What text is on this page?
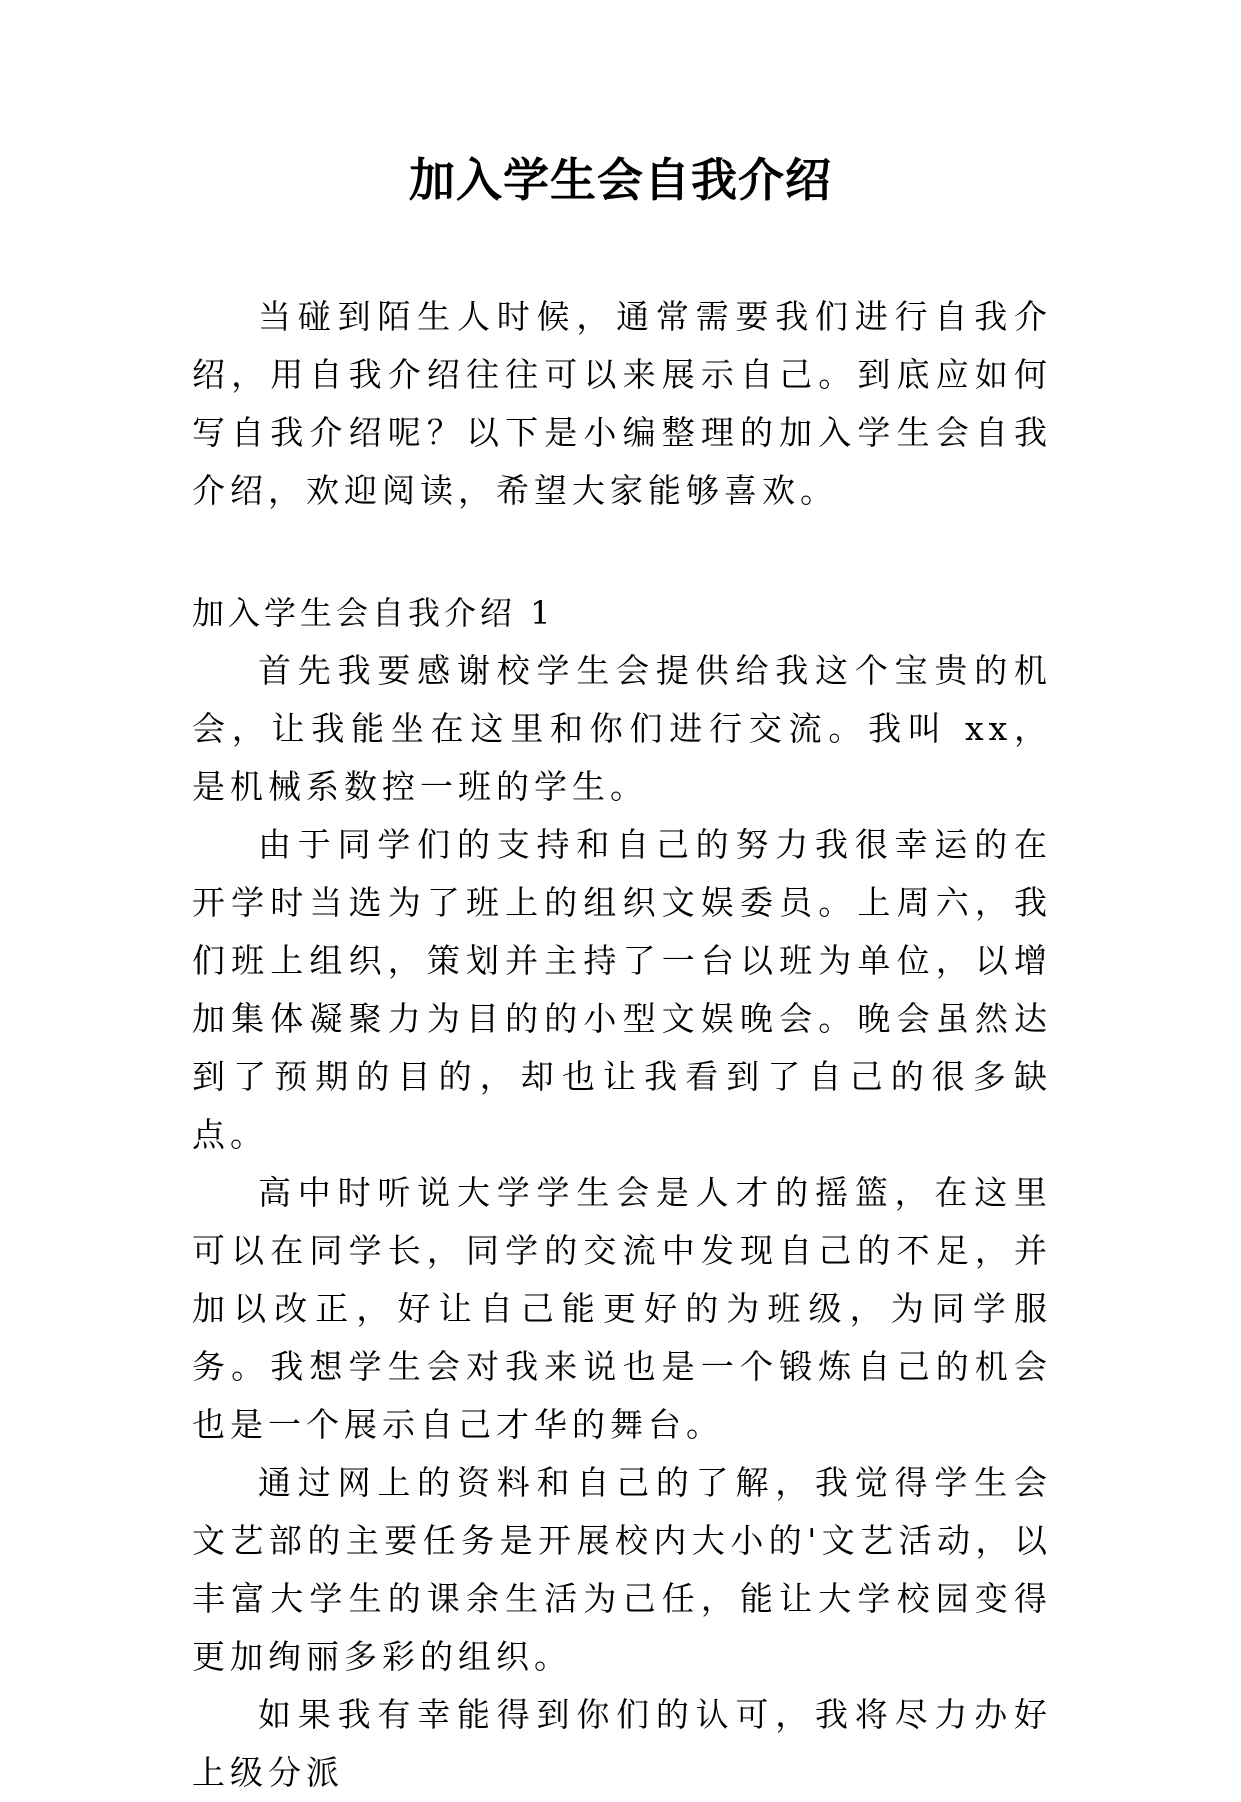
加入学生会自我介绍

当碰到陌生人时候，通常需要我们进行自我介绍，用自我介绍往往可以来展示自己。到底应如何写自我介绍呢？以下是小编整理的加入学生会自我介绍，欢迎阅读，希望大家能够喜欢。

加入学生会自我介绍 1

首先我要感谢校学生会提供给我这个宝贵的机会，让我能坐在这里和你们进行交流。我叫 xx，是机械系数控一班的学生。

由于同学们的支持和自己的努力我很幸运的在开学时当选为了班上的组织文娱委员。上周六，我们班上组织，策划并主持了一台以班为单位，以增加集体凝聚力为目的的小型文娱晚会。晚会虽然达到了预期的目的，却也让我看到了自己的很多缺点。

高中时听说大学学生会是人才的摇篮，在这里可以在同学长，同学的交流中发现自己的不足，并加以改正，好让自己能更好的为班级，为同学服务。我想学生会对我来说也是一个锻炼自己的机会也是一个展示自己才华的舞台。

通过网上的资料和自己的了解，我觉得学生会文艺部的主要任务是开展校内大小的'文艺活动，以丰富大学生的课余生活为己任，能让大学校园变得更加绚丽多彩的组织。

如果我有幸能得到你们的认可，我将尽力办好上级分派
